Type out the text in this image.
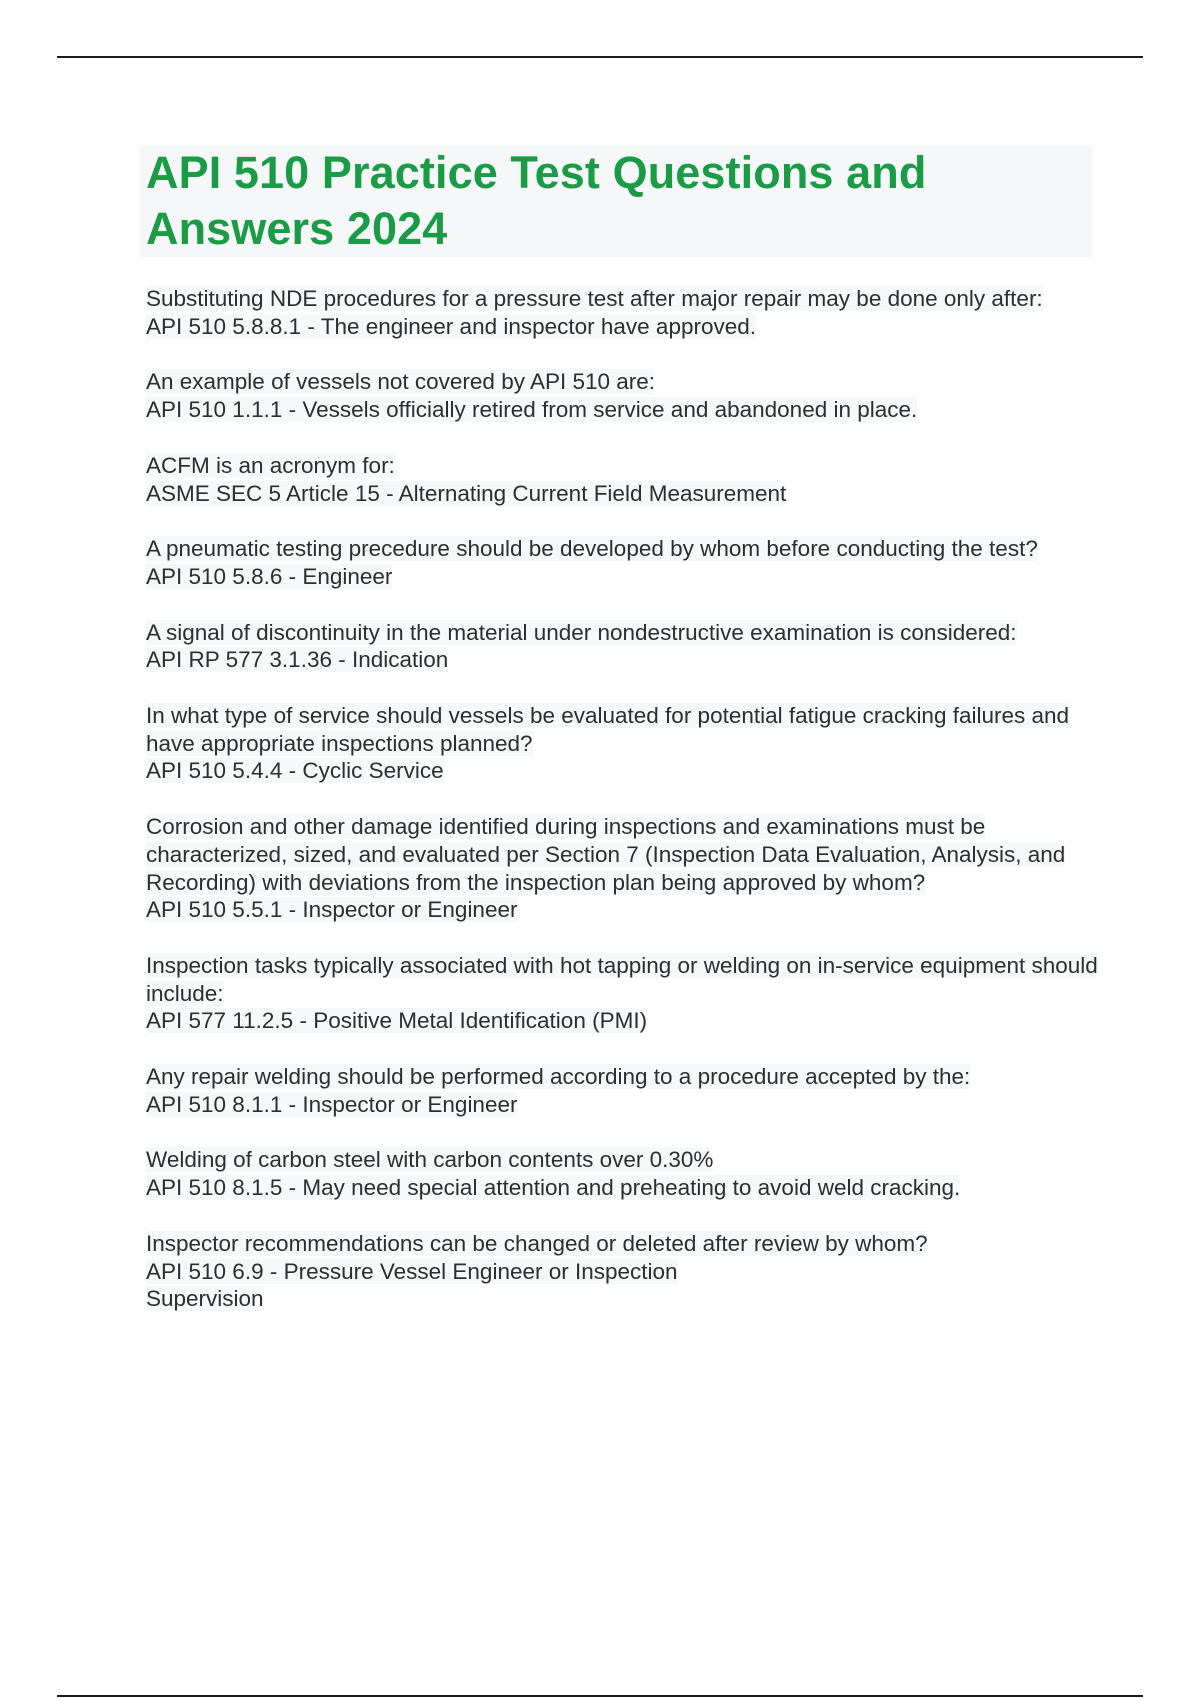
API 510 Practice Test Questions and Answers 2024

Substituting NDE procedures for a pressure test after major repair may be done only after:

API 510 5.8.8.1 - The engineer and inspector have approved.

An example of vessels not covered by API 510 are:

API 510 1.1.1 - Vessels officially retired from service and abandoned in place.

ACFM is an acronym for:

ASME SEC 5 Article 15 - Alternating Current Field Measurement

A pneumatic testing precedure should be developed by whom before conducting the test?

API 510 5.8.6 - Engineer

A signal of discontinuity in the material under nondestructive examination is considered:

API RP 577 3.1.36 - Indication

In what type of service should vessels be evaluated for potential fatigue cracking failures and have appropriate inspections planned?

API 510 5.4.4 - Cyclic Service

Corrosion and other damage identified during inspections and examinations must be characterized, sized, and evaluated per Section 7 (Inspection Data Evaluation, Analysis, and Recording) with deviations from the inspection plan being approved by whom?

API 510 5.5.1 - Inspector or Engineer

Inspection tasks typically associated with hot tapping or welding on in-service equipment should include:

API 577 11.2.5 - Positive Metal Identification (PMI)

Any repair welding should be performed according to a procedure accepted by the:

API 510 8.1.1 - Inspector or Engineer

Welding of carbon steel with carbon contents over 0.30%

API 510 8.1.5 - May need special attention and preheating to avoid weld cracking.

Inspector recommendations can be changed or deleted after review by whom?

API 510 6.9 - Pressure Vessel Engineer or Inspection Supervision
